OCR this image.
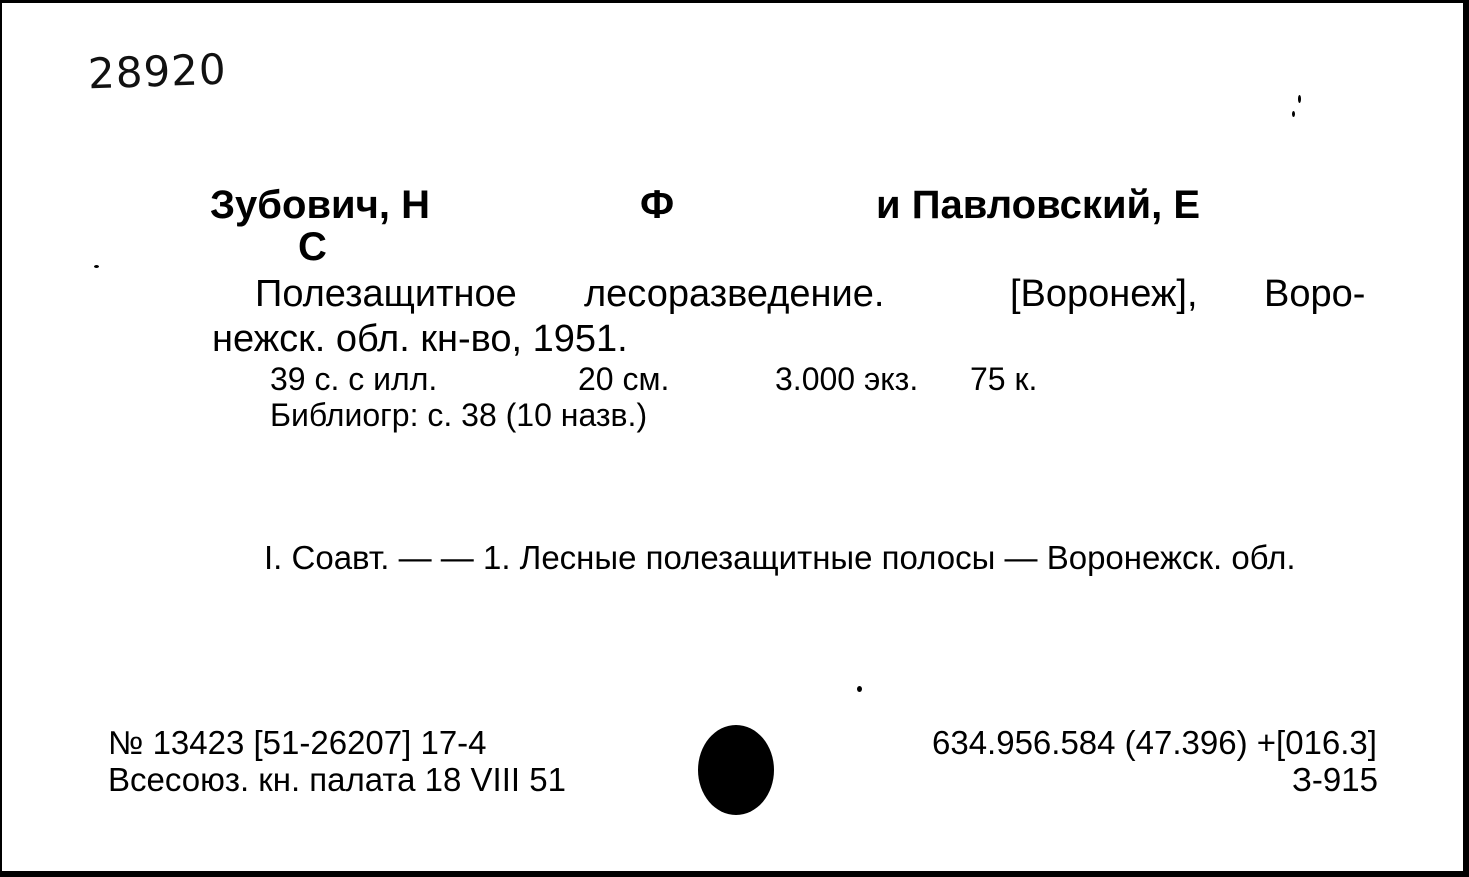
28920
Зубович, Н	Ф	и Павловский, Е
С
Полезащитное лесоразведение.	[Воронеж], Воро-
нежск. обл. кн-во, 1951.
39 с. с илл.	20 см.	3.000 экз. 75 к.
Библиогр: с. 38 (10 назв.)
I. Соавт. — — 1. Лесные полезащитные полосы — Воронежск. обл.
№ 13423 [51-26207] 17-4
Всесоюз. кн. палата 18 VIII 51
634.956.584 (47.396) +[016.3]
З-915
